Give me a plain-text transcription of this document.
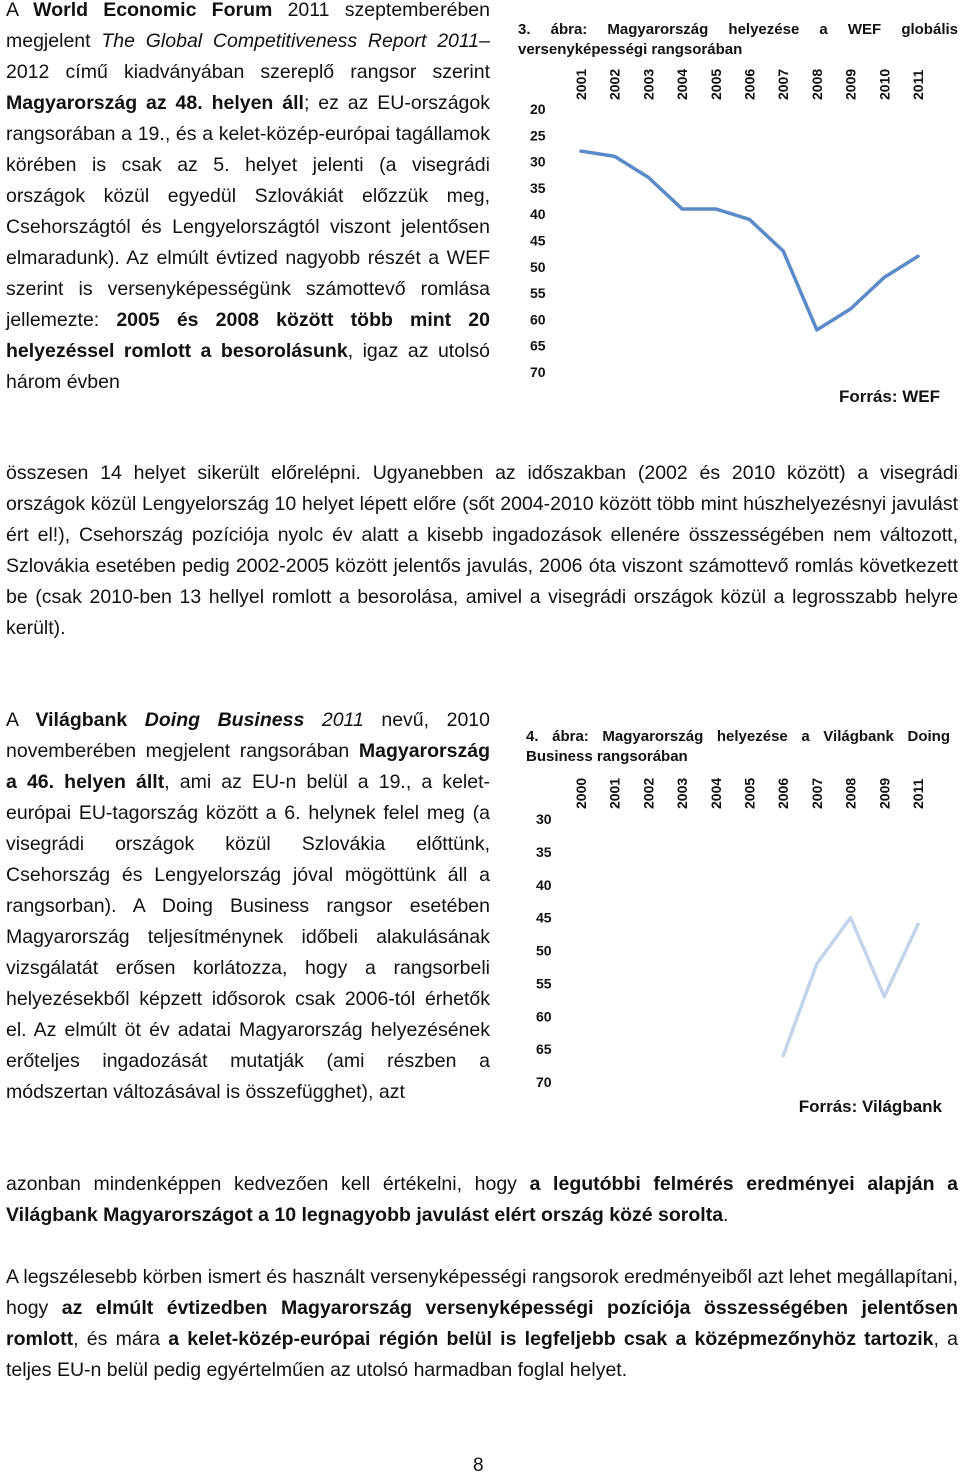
A World Economic Forum 2011 szeptemberében megjelent The Global Competitiveness Report 2011–2012 című kiadványában szereplő rangsor szerint Magyarország az 48. helyen áll; ez az EU-országok rangsorában a 19., és a kelet-közép-európai tagállamok körében is csak az 5. helyet jelenti (a visegrádi országok közül egyedül Szlovákiát előzzük meg, Csehországtól és Lengyelországtól viszont jelentősen elmaradunk). Az elmúlt évtized nagyobb részét a WEF szerint is versenyképességünk számottevő romlása jellemezte: 2005 és 2008 között több mint 20 helyezéssel romlott a besorolásunk, igaz az utolsó három évben

összesen 14 helyet sikerült előrelépni. Ugyanebben az időszakban (2002 és 2010 között) a visegrádi országok közül Lengyelország 10 helyet lépett előre (sőt 2004-2010 között több mint húszhelyezésnyi javulást ért el!), Csehország pozíciója nyolc év alatt a kisebb ingadozások ellenére összességében nem változott, Szlovákia esetében pedig 2002-2005 között jelentős javulás, 2006 óta viszont számottevő romlás következett be (csak 2010-ben 13 hellyel romlott a besorolása, amivel a visegrádi országok közül a legrosszabb helyre került).

3. ábra: Magyarország helyezése a WEF globális versenyképességi rangsorában

2001 2002 2003 2004 2005 2006 2007 2008 2009 2010 2011
20
25
30
35
40
45
50
55
60
65
70
Forrás: WEF

A Világbank Doing Business 2011 nevű, 2010 novemberében megjelent rangsorában Magyarország a 46. helyen állt, ami az EU-n belül a 19., a kelet-európai EU-tagország között a 6. helynek felel meg (a visegrádi országok közül Szlovákia előttünk, Csehország és Lengyelország jóval mögöttünk áll a rangsorban). A Doing Business rangsor esetében Magyarország teljesítménynek időbeli alakulásának vizsgálatát erősen korlátozza, hogy a rangsorbeli helyezésekből képzett idősorok csak 2006-tól érhetők el. Az elmúlt öt év adatai Magyarország helyezésének erőteljes ingadozását mutatják (ami részben a módszertan változásával is összefügghet), azt

azonban mindenképpen kedvezően kell értékelni, hogy a legutóbbi felmérés eredményei alapján a Világbank Magyarországot a 10 legnagyobb javulást elért ország közé sorolta.

4. ábra: Magyarország helyezése a Világbank Doing Business rangsorában

2000 2001 2002 2003 2004 2005 2006 2007 2008 2009 2011
30
35
40
45
50
55
60
65
70
Forrás: Világbank

A legszélesebb körben ismert és használt versenyképességi rangsorok eredményeiből azt lehet megállapítani, hogy az elmúlt évtizedben Magyarország versenyképességi pozíciója összességében jelentősen romlott, és mára a kelet-közép-európai régión belül is legfeljebb csak a középmezőnyhöz tartozik, a teljes EU-n belül pedig egyértelműen az utolsó harmadban foglal helyet.

8
